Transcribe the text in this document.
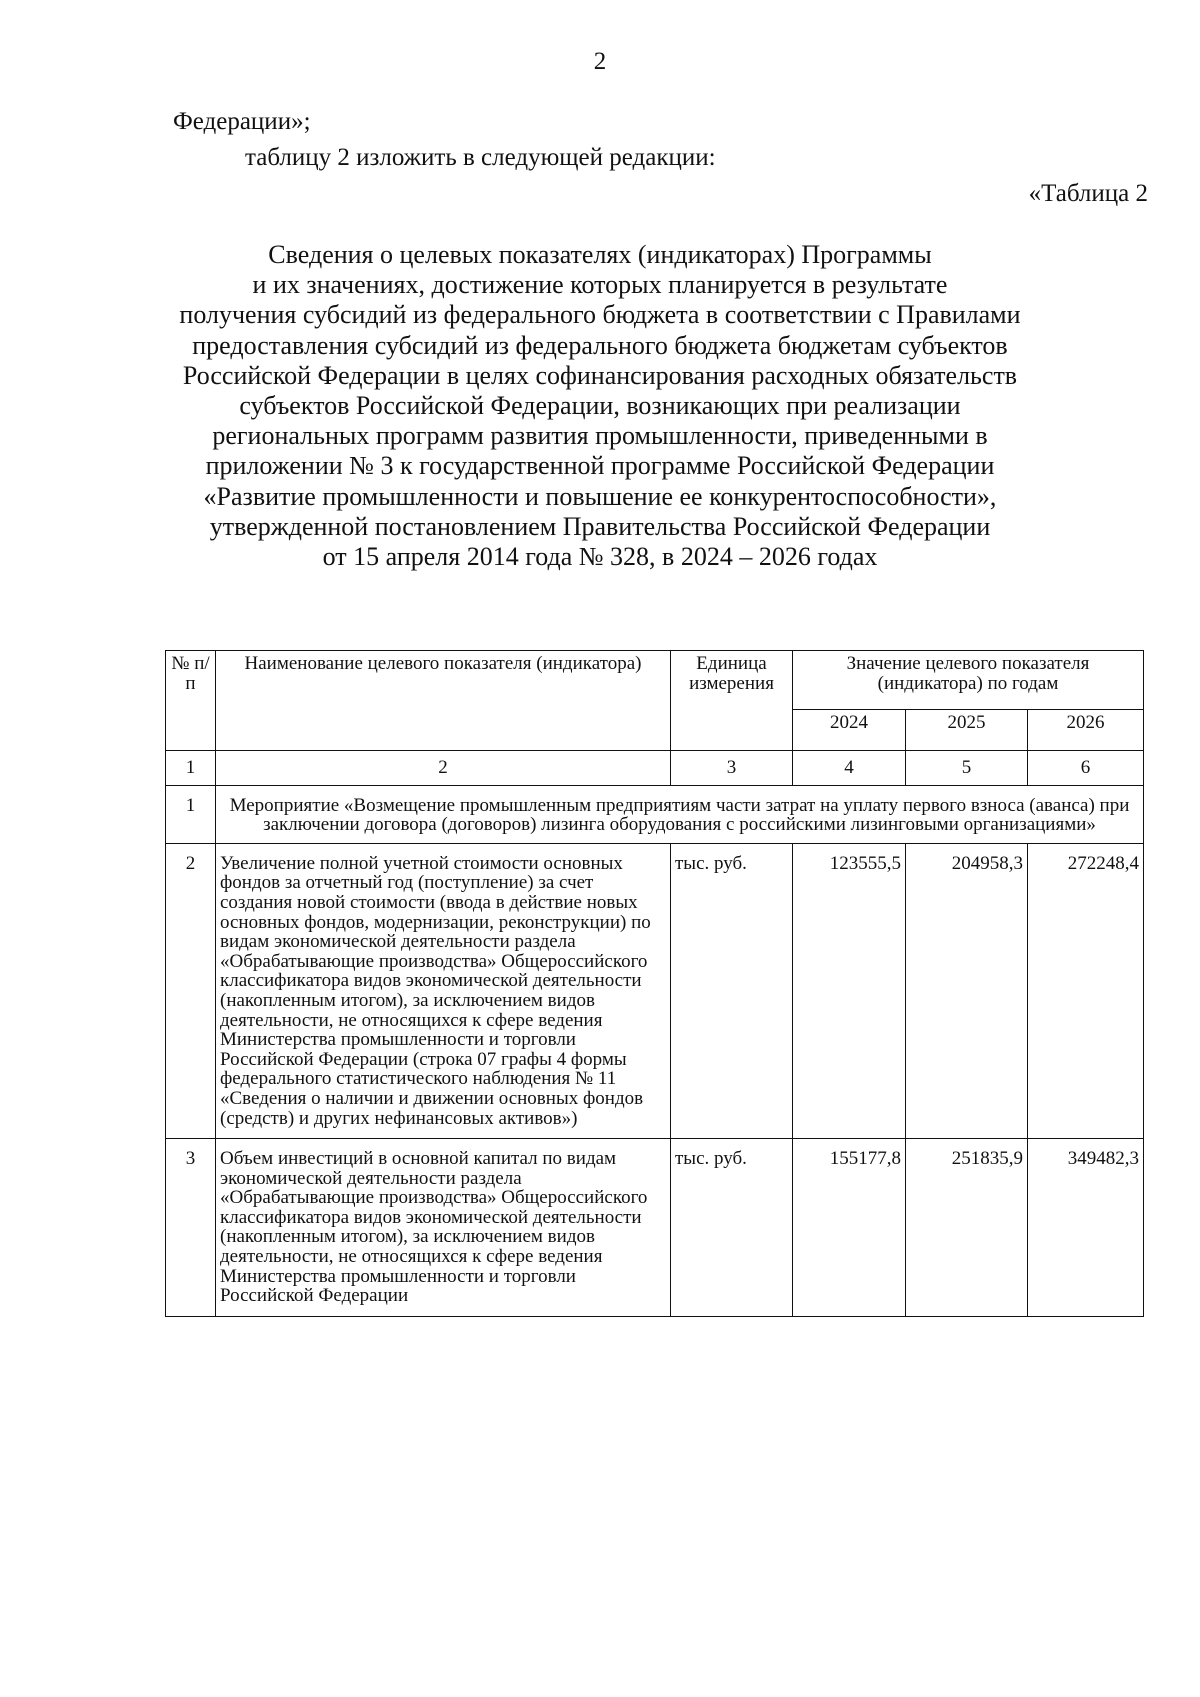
2
Федерации»;
таблицу 2 изложить в следующей редакции:
«Таблица 2
Сведения о целевых показателях (индикаторах) Программы
и их значениях, достижение которых планируется в результате
получения субсидий из федерального бюджета в соответствии с Правилами
предоставления субсидий из федерального бюджета бюджетам субъектов
Российской Федерации в целях софинансирования расходных обязательств
субъектов Российской Федерации, возникающих при реализации
региональных программ развития промышленности, приведенными в
приложении № 3 к государственной программе Российской Федерации
«Развитие промышленности и повышение ее конкурентоспособности»,
утвержденной постановлением Правительства Российской Федерации
от 15 апреля 2014 года № 328, в 2024 – 2026 годах
№ п/п	Наименование целевого показателя (индикатора)	Единица измерения	Значение целевого показателя (индикатора) по годам		
			2024	2025	2026
1	2	3	4	5	6
1	Мероприятие «Возмещение промышленным предприятиям части затрат на уплату первого взноса (аванса) при заключении договора (договоров) лизинга оборудования с российскими лизинговыми организациями»				
2	Увеличение полной учетной стоимости основных фондов за отчетный год (поступление) за счет создания новой стоимости (ввода в действие новых основных фондов, модернизации, реконструкции) по видам экономической деятельности раздела «Обрабатывающие производства» Общероссийского классификатора видов экономической деятельности (накопленным итогом), за исключением видов деятельности, не относящихся к сфере ведения Министерства промышленности и торговли Российской Федерации (строка 07 графы 4 формы федерального статистического наблюдения № 11 «Сведения о наличии и движении основных фондов (средств) и других нефинансовых активов»)	тыс. руб.	123555,5	204958,3	272248,4
3	Объем инвестиций в основной капитал по видам экономической деятельности раздела «Обрабатывающие производства» Общероссийского классификатора видов экономической деятельности (накопленным итогом), за исключением видов деятельности, не относящихся к сфере ведения Министерства промышленности и торговли Российской Федерации	тыс. руб.	155177,8	251835,9	349482,3
